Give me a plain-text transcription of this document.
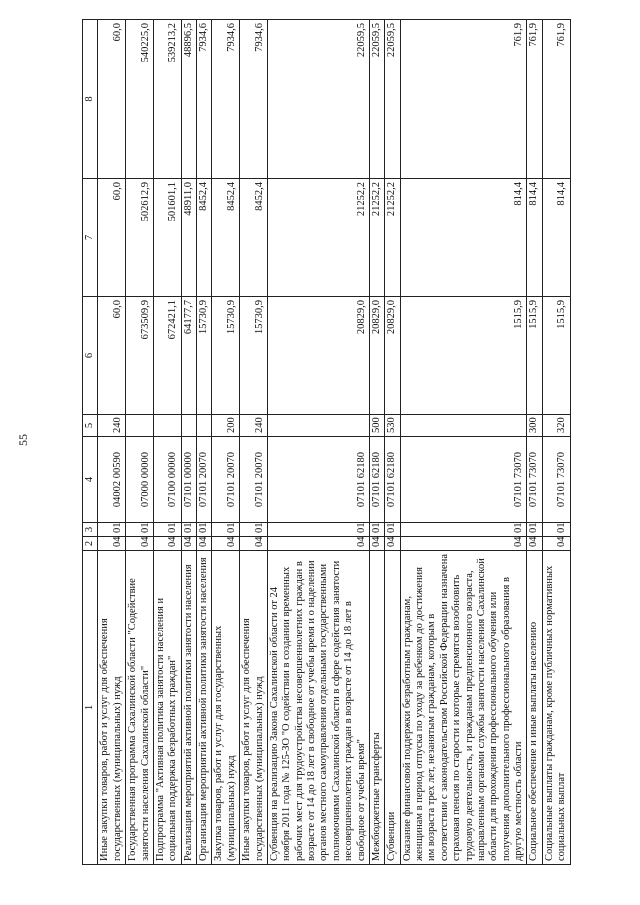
55
1	2	3	4	5	6	7	8
Иные закупки товаров, работ и услуг для обеспечения государственных (муниципальных) нужд	04	01	04002 00590	240	60,0	60,0	60,0
Государственная программа Сахалинской области "Содействие занятости населения Сахалинской области"	04	01	07000 00000		673509,9	502612,9	540225,0
Подпрограмма "Активная политика занятости населения и социальная поддержка безработных граждан"	04	01	07100 00000		672421,1	501601,1	539213,2
Реализация мероприятий активной политики занятости населения	04	01	07101 00000		64177,7	48911,0	48896,5
Организация мероприятий активной политики занятости населения	04	01	07101 20070		15730,9	8452,4	7934,6
Закупка товаров, работ и услуг для государственных (муниципальных) нужд	04	01	07101 20070	200	15730,9	8452,4	7934,6
Иные закупки товаров, работ и услуг для обеспечения государственных (муниципальных) нужд	04	01	07101 20070	240	15730,9	8452,4	7934,6
Субвенция на реализацию Закона Сахалинской области от 24 ноября 2011 года № 125-ЗО "О содействии в создании временных рабочих мест для трудоустройства несовершеннолетних граждан в возрасте от 14 до 18 лет в свободное от учебы время и о наделении органов местного самоуправления отдельными государственными полномочиями Сахалинской области в сфере содействия занятости несовершеннолетних граждан в возрасте от 14 до 18 лет в свободное от учебы время"	04	01	07101 62180		20829,0	21252,2	22059,5
Межбюджетные трансферты	04	01	07101 62180	500	20829,0	21252,2	22059,5
Субвенции	04	01	07101 62180	530	20829,0	21252,2	22059,5
Оказание финансовой поддержки безработным гражданам, женщинам в период отпуска по уходу за ребенком до достижения им возраста трех лет, незанятым гражданам, которым в соответствии с законодательством Российской Федерации назначена страховая пенсия по старости и которые стремятся возобновить трудовую деятельность, и гражданам предпенсионного возраста, направленным органами службы занятости населения Сахалинской области для прохождения профессионального обучения или получения дополнительного профессионального образования в другую местность области	04	01	07101 73070		1515,9	814,4	761,9
Социальное обеспечение и иные выплаты населению	04	01	07101 73070	300	1515,9	814,4	761,9
Социальные выплаты гражданам, кроме публичных нормативных социальных выплат	04	01	07101 73070	320	1515,9	814,4	761,9
